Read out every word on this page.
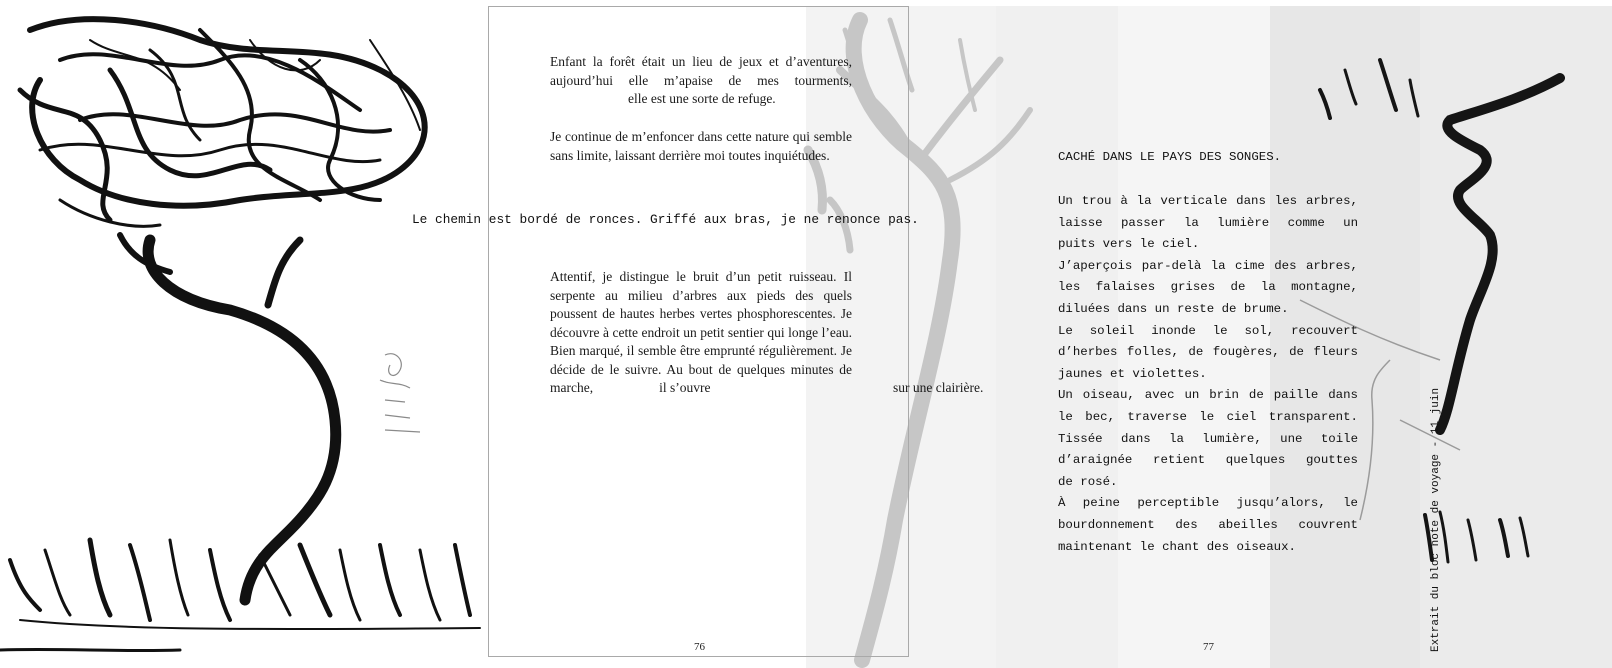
Enfant la forêt était un lieu de jeux et d’aventures, aujourd’hui elle m’apaise de mes tourments,elle est une sorte de refuge.

Je continue de m’enfoncer dans cette nature qui semble sans limite, laissant derrière moi toutes inquiétudes.

Le chemin est bordé de ronces. Griffé aux bras, je ne renonce pas.

Attentif, je distingue le bruit d’un petit ruisseau. Il serpente au milieu d’arbres aux pieds des quels poussent de hautes herbes vertes phosphorescentes. Je découvre à cette endroit un petit sentier qui longe l’eau. Bien marqué, il semble être emprunté régulièrement. Je décide de le suivre. Au bout de quelques minutes de marche,	il s’ouvre	sur une clairière.
76
CACHÉ DANS LE PAYS DES SONGES.
Un trou à la verticale dans les arbres,
laisse passer la lumière comme un
puits vers le ciel.
J’aperçois par-delà la cime des arbres,
les falaises grises de la montagne,
diluées dans un reste de brume.
Le soleil inonde le sol, recouvert
d’herbes folles, de fougères, de fleurs
jaunes et violettes.
Un oiseau, avec un brin de paille dans
le bec, traverse le ciel transparent.
Tissée dans la lumière, une toile
d’araignée retient quelques gouttes
de rosé.
À peine perceptible jusqu’alors, le
bourdonnement des abeilles couvrent
maintenant le chant des oiseaux.
77	Extrait du bloc note de voyage - 11 juin
